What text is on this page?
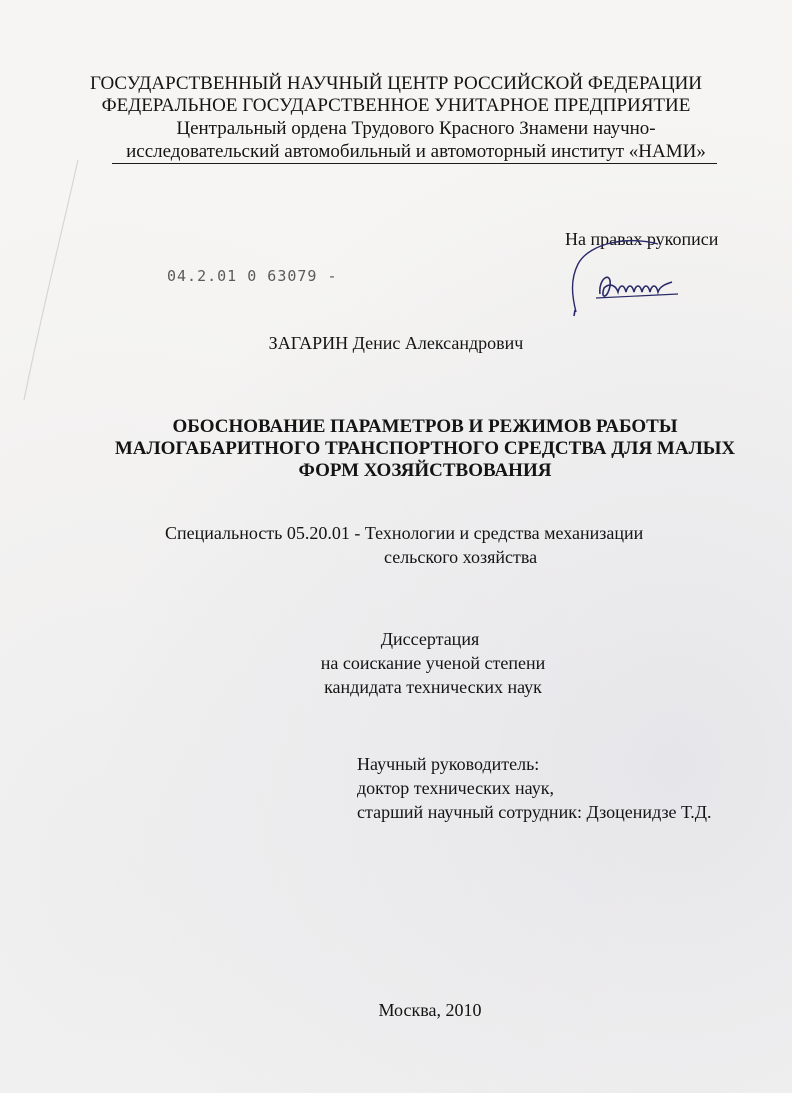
ГОСУДАРСТВЕННЫЙ НАУЧНЫЙ ЦЕНТР РОССИЙСКОЙ ФЕДЕРАЦИИ
ФЕДЕРАЛЬНОЕ ГОСУДАРСТВЕННОЕ УНИТАРНОЕ ПРЕДПРИЯТИЕ
Центральный ордена Трудового Красного Знамени научно-
исследовательский автомобильный и автомоторный институт «НАМИ»
На правах рукописи
04.2.01 0 63079 -
ЗАГАРИН Денис Александрович
ОБОСНОВАНИЕ ПАРАМЕТРОВ И РЕЖИМОВ РАБОТЫ
МАЛОГАБАРИТНОГО ТРАНСПОРТНОГО СРЕДСТВА ДЛЯ МАЛЫХ
ФОРМ ХОЗЯЙСТВОВАНИЯ
Специальность 05.20.01 - Технологии и средства механизации
сельского хозяйства
Диссертация
на соискание ученой степени
кандидата технических наук
Научный руководитель:
доктор технических наук,
старший научный сотрудник: Дзоценидзе Т.Д.
Москва, 2010
